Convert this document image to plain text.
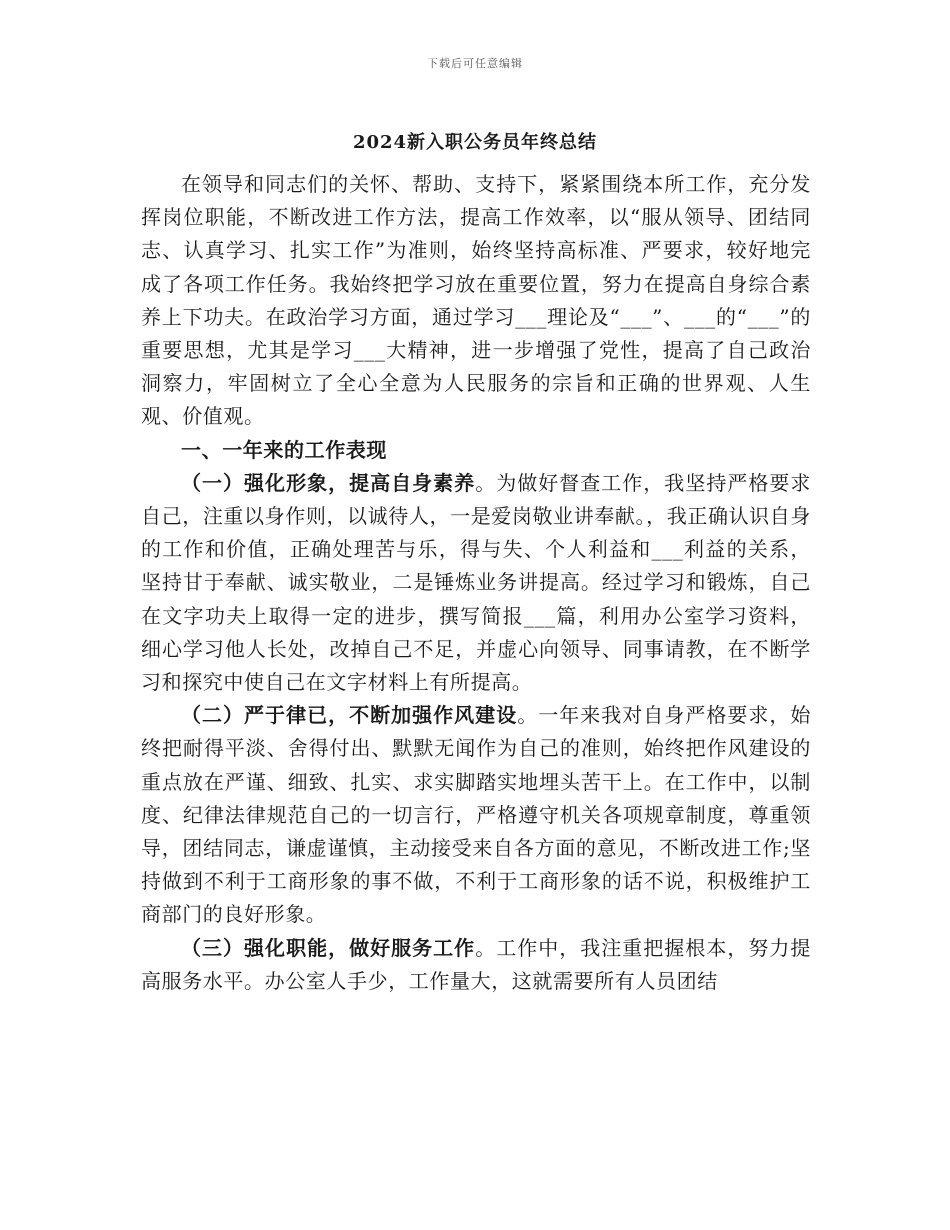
下载后可任意编辑
2024新入职公务员年终总结

在领导和同志们的关怀、帮助、支持下，紧紧围绕本所工作，充分发挥岗位职能，不断改进工作方法，提高工作效率，以“服从领导、团结同志、认真学习、扎实工作”为准则，始终坚持高标准、严要求，较好地完成了各项工作任务。我始终把学习放在重要位置，努力在提高自身综合素养上下功夫。在政治学习方面，通过学习___理论及“___”、___的“___”的重要思想，尤其是学习___大精神，进一步增强了党性，提高了自己政治洞察力，牢固树立了全心全意为人民服务的宗旨和正确的世界观、人生观、价值观。

一、一年来的工作表现

（一）强化形象，提高自身素养。为做好督查工作，我坚持严格要求自己，注重以身作则，以诚待人，一是爱岗敬业讲奉献。，我正确认识自身的工作和价值，正确处理苦与乐，得与失、个人利益和___利益的关系，坚持甘于奉献、诚实敬业，二是锤炼业务讲提高。经过学习和锻炼，自己在文字功夫上取得一定的进步，撰写简报___篇，利用办公室学习资料，细心学习他人长处，改掉自己不足，并虚心向领导、同事请教，在不断学习和探究中使自己在文字材料上有所提高。

（二）严于律已，不断加强作风建设。一年来我对自身严格要求，始终把耐得平淡、舍得付出、默默无闻作为自己的准则，始终把作风建设的重点放在严谨、细致、扎实、求实脚踏实地埋头苦干上。在工作中，以制度、纪律法律规范自己的一切言行，严格遵守机关各项规章制度，尊重领导，团结同志，谦虚谨慎，主动接受来自各方面的意见，不断改进工作;坚持做到不利于工商形象的事不做，不利于工商形象的话不说，积极维护工商部门的良好形象。

（三）强化职能，做好服务工作。工作中，我注重把握根本，努力提高服务水平。办公室人手少，工作量大，这就需要所有人员团结
